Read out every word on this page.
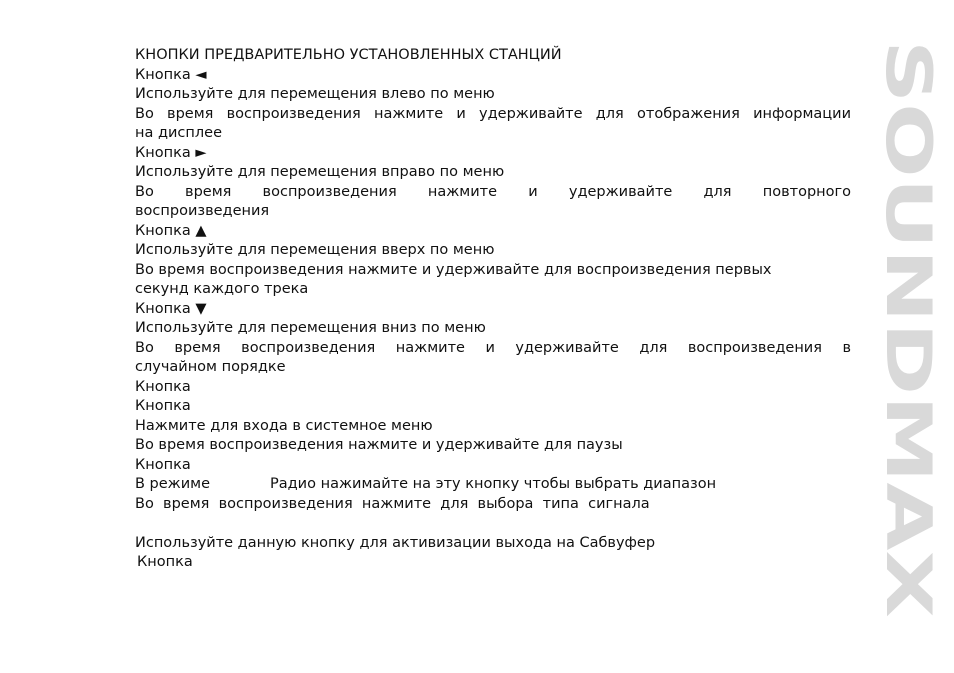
КНОПКИ ПРЕДВАРИТЕЛЬНО УСТАНОВЛЕННЫХ СТАНЦИЙ
Кнопка ◄
Используйте для перемещения влево по меню
Во время воспроизведения нажмите и удерживайте для отображения информации
на дисплее
Кнопка ►
Используйте для перемещения вправо по меню
Во время воспроизведения нажмите и удерживайте для повторного
воспроизведения
Кнопка ▲
Используйте для перемещения вверх по меню
Во время воспроизведения нажмите и удерживайте для воспроизведения первых
секунд каждого трека
Кнопка ▼
Используйте для перемещения вниз по меню
Во время воспроизведения нажмите и удерживайте для воспроизведения в
случайном порядке
Кнопка
Кнопка
Нажмите для входа в системное меню
Во время воспроизведения нажмите и удерживайте для паузы
Кнопка
В режиме	Радио нажимайте на эту кнопку чтобы выбрать диапазон
Во  время  воспроизведения  нажмите  для  выбора  типа  сигнала
Используйте данную кнопку для активизации выхода на Сабвуфер
Кнопка
SOUNDMAX
